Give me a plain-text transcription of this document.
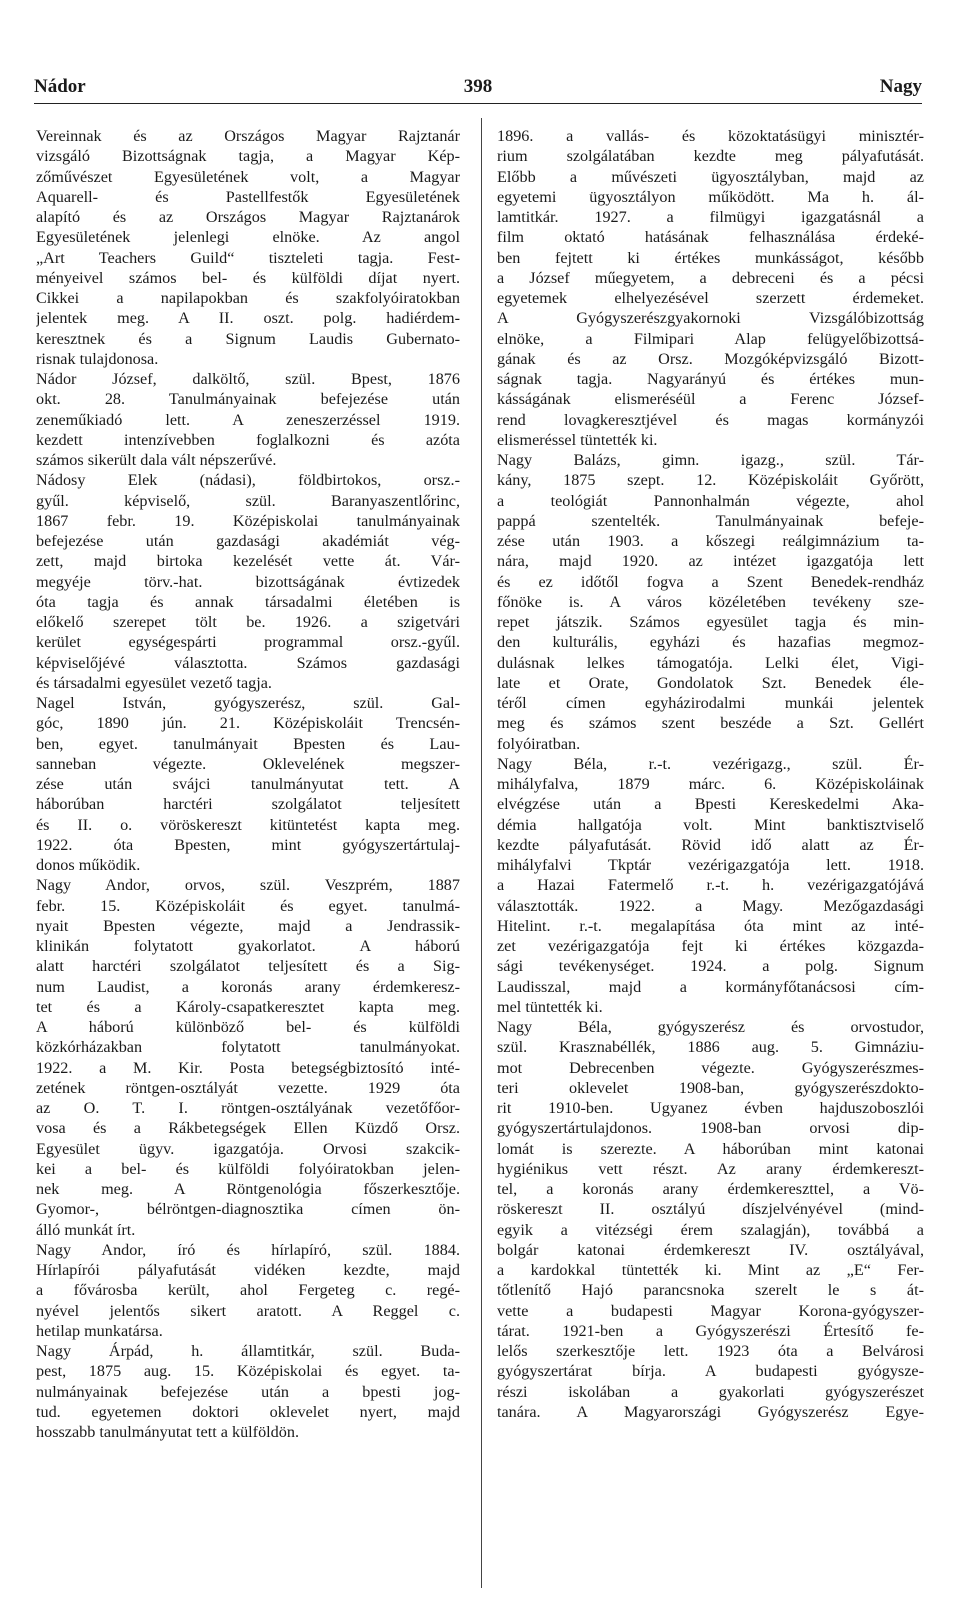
Nádor	398	Nagy
Vereinnak és az Országos Magyar Rajztanár
vizsgáló Bizottságnak tagja, a Magyar Kép-
zőművészet Egyesületének volt, a Magyar
Aquarell- és Pastellfestők Egyesületének
alapító és az Országos Magyar Rajztanárok
Egyesületének jelenlegi elnöke. Az angol
„Art Teachers Guild“ tiszteleti tagja. Fest-
ményeivel számos bel- és külföldi díjat nyert.
Cikkei a napilapokban és szakfolyóiratokban
jelentek meg. A II. oszt. polg. hadiérdem-
keresztnek és a Signum Laudis Gubernato-
risnak tulajdonosa.
Nádor József, dalköltő, szül. Bpest, 1876
okt. 28. Tanulmányainak befejezése után
zeneműkiadó lett. A zeneszerzéssel 1919.
kezdett intenzívebben foglalkozni és azóta
számos sikerült dala vált népszerűvé.
Nádosy Elek (nádasi), földbirtokos, orsz.-
gyűl. képviselő, szül. Baranyaszentlőrinc,
1867 febr. 19. Középiskolai tanulmányainak
befejezése után gazdasági akadémiát vég-
zett, majd birtoka kezelését vette át. Vár-
megyéje törv.-hat. bizottságának évtizedek
óta tagja és annak társadalmi életében is
előkelő szerepet tölt be. 1926. a szigetvári
kerület egységespárti programmal orsz.-gyűl.
képviselőjévé választotta. Számos gazdasági
és társadalmi egyesület vezető tagja.
Nagel István, gyógyszerész, szül. Gal-
góc, 1890 jún. 21. Középiskoláit Trencsén-
ben, egyet. tanulmányait Bpesten és Lau-
sanneban végezte. Oklevelének megszer-
zése után svájci tanulmányutat tett. A
háborúban harctéri szolgálatot teljesített
és II. o. vöröskereszt kitüntetést kapta meg.
1922. óta Bpesten, mint gyógyszertártulaj-
donos működik.
Nagy Andor, orvos, szül. Veszprém, 1887
febr. 15. Középiskoláit és egyet. tanulmá-
nyait Bpesten végezte, majd a Jendrassik-
klinikán folytatott gyakorlatot. A háború
alatt harctéri szolgálatot teljesített és a Sig-
num Laudist, a koronás arany érdemkeresz-
tet és a Károly-csapatkeresztet kapta meg.
A háború különböző bel- és külföldi
közkórházakban folytatott tanulmányokat.
1922. a M. Kir. Posta betegségbiztosító inté-
zetének röntgen-osztályát vezette. 1929 óta
az O. T. I. röntgen-osztályának vezetőfőor-
vosa és a Rákbetegségek Ellen Küzdő Orsz.
Egyesület ügyv. igazgatója. Orvosi szakcik-
kei a bel- és külföldi folyóiratokban jelen-
nek meg. A Röntgenológia főszerkesztője.
Gyomor-, bélröntgen-diagnosztika címen ön-
álló munkát írt.
Nagy Andor, író és hírlapíró, szül. 1884.
Hírlapírói pályafutását vidéken kezdte, majd
a fővárosba került, ahol Fergeteg c. regé-
nyével jelentős sikert aratott. A Reggel c.
hetilap munkatársa.
Nagy Árpád, h. államtitkár, szül. Buda-
pest, 1875 aug. 15. Középiskolai és egyet. ta-
nulmányainak befejezése után a bpesti jog-
tud. egyetemen doktori oklevelet nyert, majd
hosszabb tanulmányutat tett a külföldön.
1896. a vallás- és közoktatásügyi minisztér-
rium szolgálatában kezdte meg pályafutását.
Előbb a művészeti ügyosztályban, majd az
egyetemi ügyosztályon működött. Ma h. ál-
lamtitkár. 1927. a filmügyi igazgatásnál a
film oktató hatásának felhasználása érdeké-
ben fejtett ki értékes munkásságot, később
a József műegyetem, a debreceni és a pécsi
egyetemek elhelyezésével szerzett érdemeket.
A Gyógyszerészgyakornoki Vizsgálóbizottság
elnöke, a Filmipari Alap felügyelőbizottsá-
gának és az Orsz. Mozgóképvizsgáló Bizott-
ságnak tagja. Nagyarányú és értékes mun-
kásságának elismeréséül a Ferenc József-
rend lovagkeresztjével és magas kormányzói
elismeréssel tüntették ki.
Nagy Balázs, gimn. igazg., szül. Tár-
kány, 1875 szept. 12. Középiskoláit Győrött,
a teológiát Pannonhalmán végezte, ahol
pappá szentelték. Tanulmányainak befeje-
zése után 1903. a kőszegi reálgimnázium ta-
nára, majd 1920. az intézet igazgatója lett
és ez időtől fogva a Szent Benedek-rendház
főnöke is. A város közéletében tevékeny sze-
repet játszik. Számos egyesület tagja és min-
den kulturális, egyházi és hazafias megmoz-
dulásnak lelkes támogatója. Lelki élet, Vigi-
late et Orate, Gondolatok Szt. Benedek éle-
téről címen egyházirodalmi munkái jelentek
meg és számos szent beszéde a Szt. Gellért
folyóiratban.
Nagy Béla, r.-t. vezérigazg., szül. Ér-
mihályfalva, 1879 márc. 6. Középiskoláinak
elvégzése után a Bpesti Kereskedelmi Aka-
démia hallgatója volt. Mint banktisztviselő
kezdte pályafutását. Rövid idő alatt az Ér-
mihályfalvi Tkptár vezérigazgatója lett. 1918.
a Hazai Fatermelő r.-t. h. vezérigazgatójává
választották. 1922. a Magy. Mezőgazdasági
Hitelint. r.-t. megalapítása óta mint az inté-
zet vezérigazgatója fejt ki értékes közgazda-
sági tevékenységet. 1924. a polg. Signum
Laudisszal, majd a kormányfőtanácsosi cím-
mel tüntették ki.
Nagy Béla, gyógyszerész és orvostudor,
szül. Krasznabéllék, 1886 aug. 5. Gimnáziu-
mot Debrecenben végezte. Gyógyszerészmes-
teri oklevelet 1908-ban, gyógyszerészdokto-
rit 1910-ben. Ugyanez évben hajduszoboszlói
gyógyszertártulajdonos. 1908-ban orvosi dip-
lomát is szerezte. A háborúban mint katonai
hygiénikus vett részt. Az arany érdemkereszt-
tel, a koronás arany érdemkereszttel, a Vö-
röskereszt II. osztályú díszjelvényével (mind-
egyik a vitézségi érem szalagján), továbbá a
bolgár katonai érdemkereszt IV. osztályával,
a kardokkal tüntették ki. Mint az „E“ Fer-
tőtlenítő Hajó parancsnoka szerelt le s át-
vette a budapesti Magyar Korona-gyógyszer-
tárat. 1921-ben a Gyógyszerészi Értesítő fe-
lelős szerkesztője lett. 1923 óta a Belvárosi
gyógyszertárat bírja. A budapesti gyógysze-
részi iskolában a gyakorlati gyógyszerészet
tanára. A Magyarországi Gyógyszerész Egye-
